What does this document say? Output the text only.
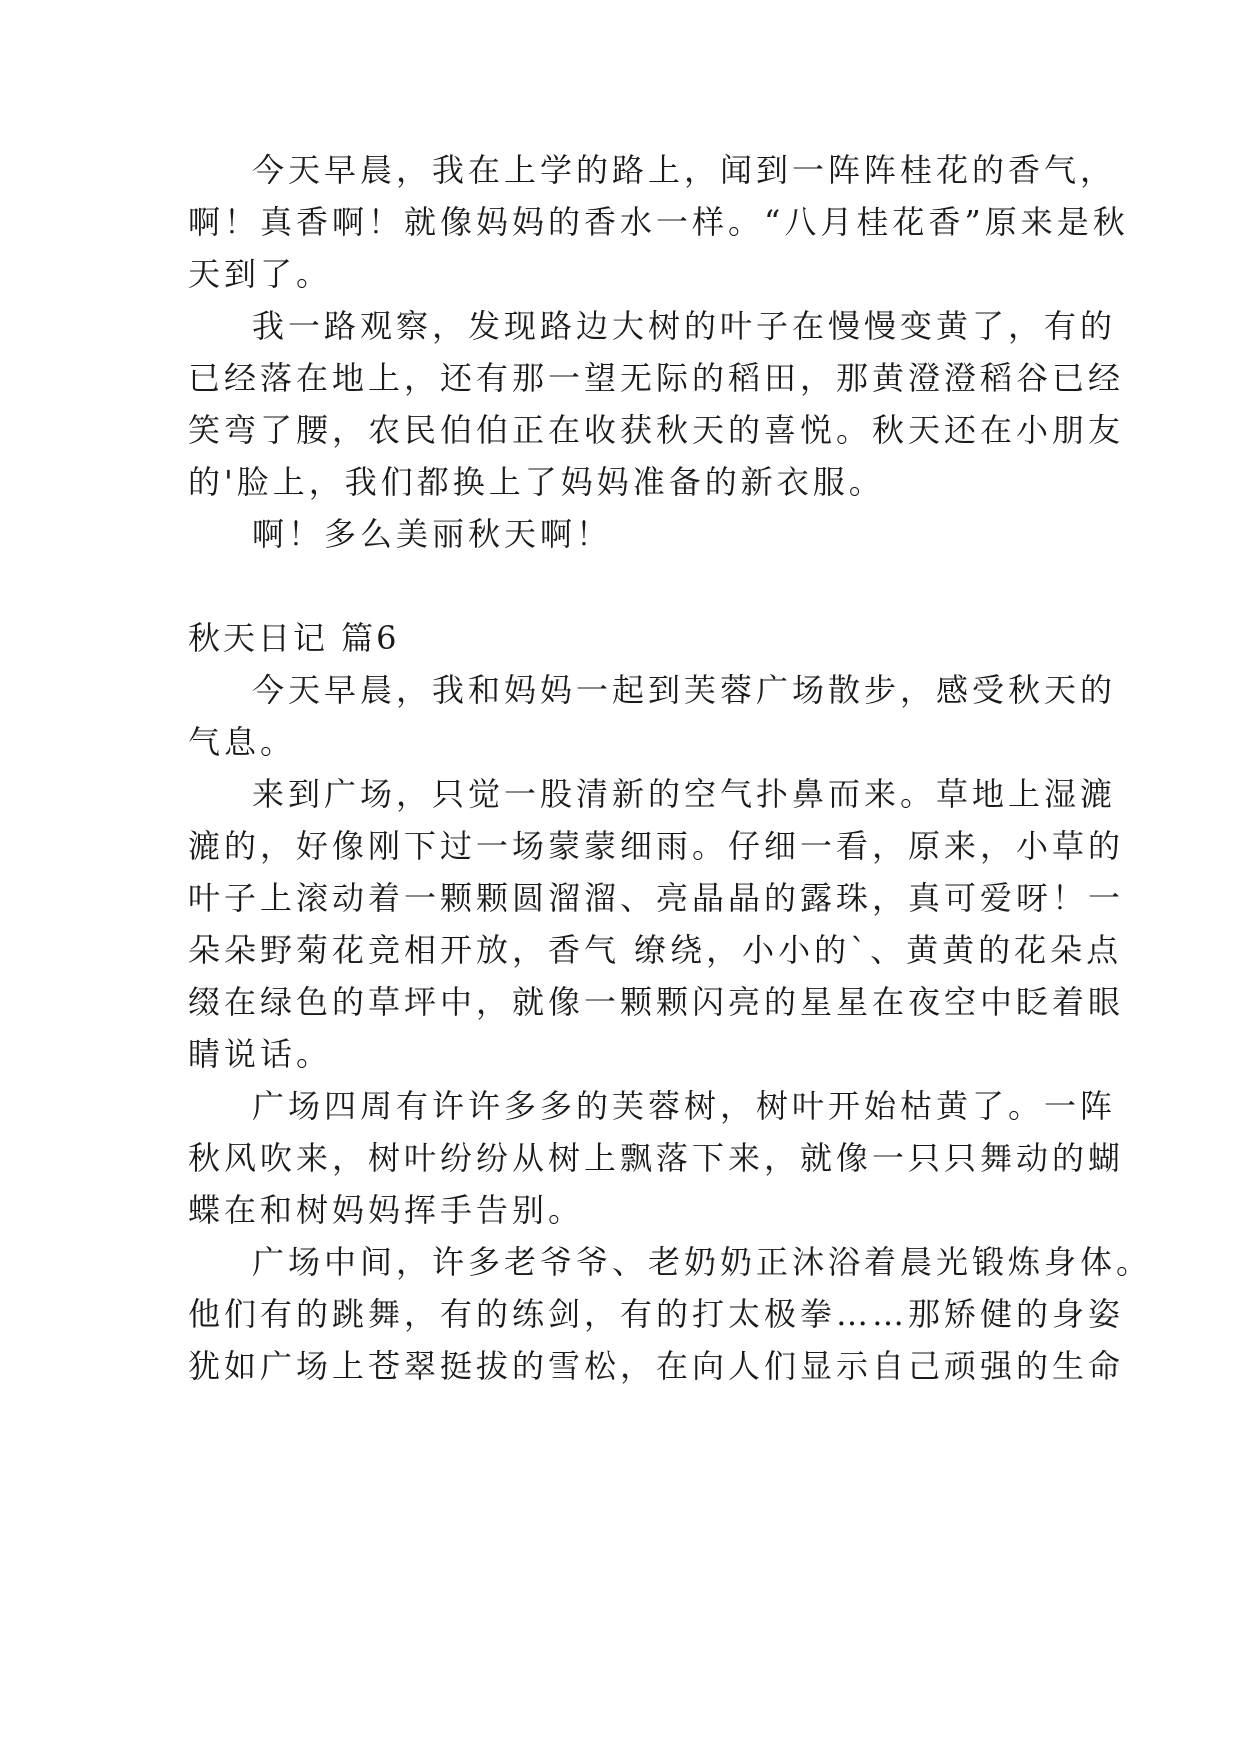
今天早晨，我在上学的路上，闻到一阵阵桂花的香气，
啊！真香啊！就像妈妈的香水一样。“八月桂花香”原来是秋
天到了。
我一路观察，发现路边大树的叶子在慢慢变黄了，有的
已经落在地上，还有那一望无际的稻田，那黄澄澄稻谷已经
笑弯了腰，农民伯伯正在收获秋天的喜悦。秋天还在小朋友
的'脸上，我们都换上了妈妈准备的新衣服。
啊！多么美丽秋天啊！
秋天日记 篇6
今天早晨，我和妈妈一起到芙蓉广场散步，感受秋天的
气息。
来到广场，只觉一股清新的空气扑鼻而来。草地上湿漉
漉的，好像刚下过一场蒙蒙细雨。仔细一看，原来，小草的
叶子上滚动着一颗颗圆溜溜、亮晶晶的露珠，真可爱呀！一
朵朵野菊花竞相开放，香气 缭绕，小小的`、黄黄的花朵点
缀在绿色的草坪中，就像一颗颗闪亮的星星在夜空中眨着眼
睛说话。
广场四周有许许多多的芙蓉树，树叶开始枯黄了。一阵
秋风吹来，树叶纷纷从树上飘落下来，就像一只只舞动的蝴
蝶在和树妈妈挥手告别。
广场中间，许多老爷爷、老奶奶正沐浴着晨光锻炼身体。
他们有的跳舞，有的练剑，有的打太极拳……那矫健的身姿
犹如广场上苍翠挺拔的雪松，在向人们显示自己顽强的生命
